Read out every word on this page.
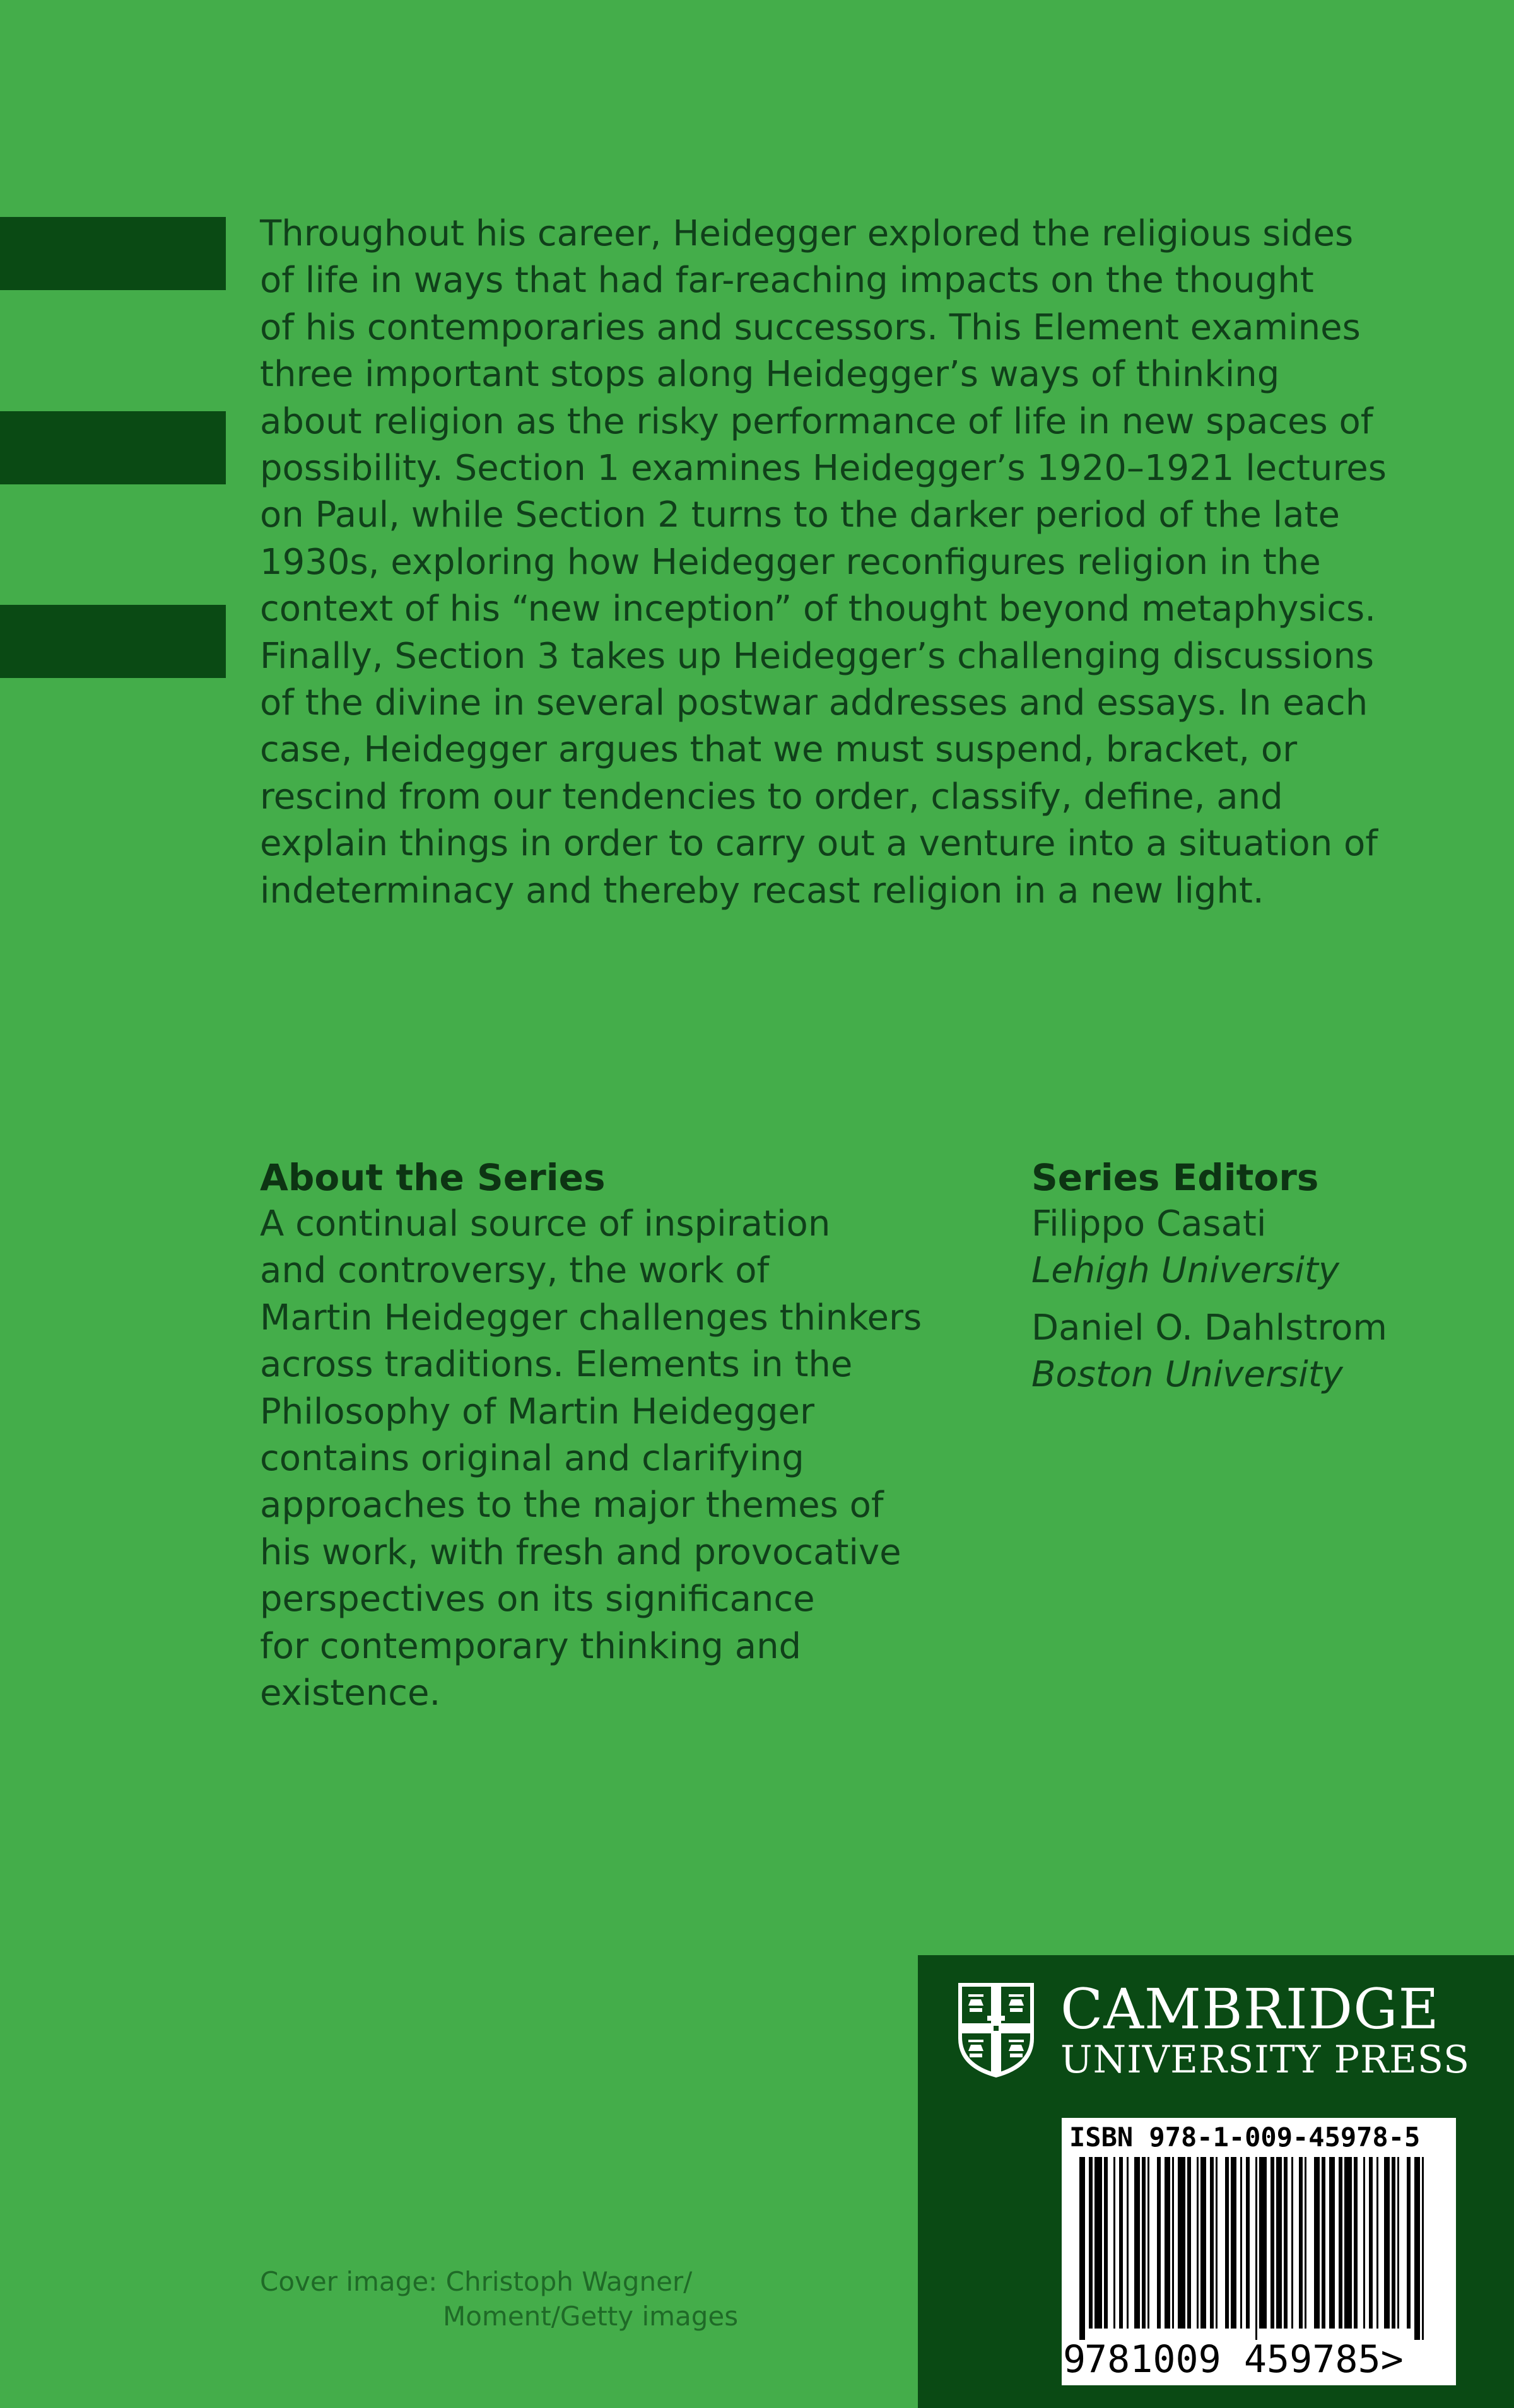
Throughout his career, Heidegger explored the religious sides
of life in ways that had far-reaching impacts on the thought
of his contemporaries and successors. This Element examines
three important stops along Heidegger’s ways of thinking
about religion as the risky performance of life in new spaces of
possibility. Section 1 examines Heidegger’s 1920–1921 lectures
on Paul, while Section 2 turns to the darker period of the late
1930s, exploring how Heidegger reconfigures religion in the
context of his “new inception” of thought beyond metaphysics.
Finally, Section 3 takes up Heidegger’s challenging discussions
of the divine in several postwar addresses and essays. In each
case, Heidegger argues that we must suspend, bracket, or
rescind from our tendencies to order, classify, define, and
explain things in order to carry out a venture into a situation of
indeterminacy and thereby recast religion in a new light.
About the Series
A continual source of inspiration
and controversy, the work of
Martin Heidegger challenges thinkers
across traditions. Elements in the
Philosophy of Martin Heidegger
contains original and clarifying
approaches to the major themes of
his work, with fresh and provocative
perspectives on its significance
for contemporary thinking and
existence.
Series Editors
Filippo Casati
Lehigh University
Daniel O. Dahlstrom
Boston University
Cover image: Christoph Wagner/
Moment/Getty images
CAMBRIDGE
UNIVERSITY PRESS
ISBN 978-1-009-45978-5
9781009 459785>
